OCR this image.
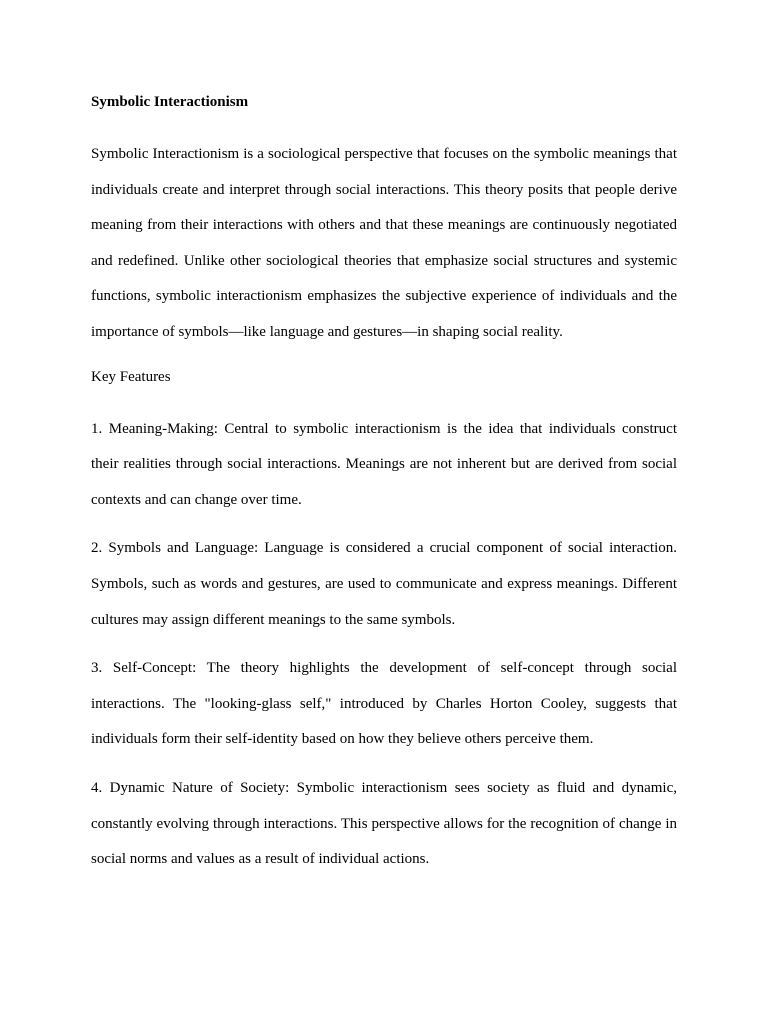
Symbolic Interactionism

Symbolic Interactionism is a sociological perspective that focuses on the symbolic meanings that individuals create and interpret through social interactions. This theory posits that people derive meaning from their interactions with others and that these meanings are continuously negotiated and redefined. Unlike other sociological theories that emphasize social structures and systemic functions, symbolic interactionism emphasizes the subjective experience of individuals and the importance of symbols—like language and gestures—in shaping social reality.

Key Features

1. Meaning-Making: Central to symbolic interactionism is the idea that individuals construct their realities through social interactions. Meanings are not inherent but are derived from social contexts and can change over time.

2. Symbols and Language: Language is considered a crucial component of social interaction. Symbols, such as words and gestures, are used to communicate and express meanings. Different cultures may assign different meanings to the same symbols.

3. Self-Concept: The theory highlights the development of self-concept through social interactions. The "looking-glass self," introduced by Charles Horton Cooley, suggests that individuals form their self-identity based on how they believe others perceive them.

4. Dynamic Nature of Society: Symbolic interactionism sees society as fluid and dynamic, constantly evolving through interactions. This perspective allows for the recognition of change in social norms and values as a result of individual actions.
